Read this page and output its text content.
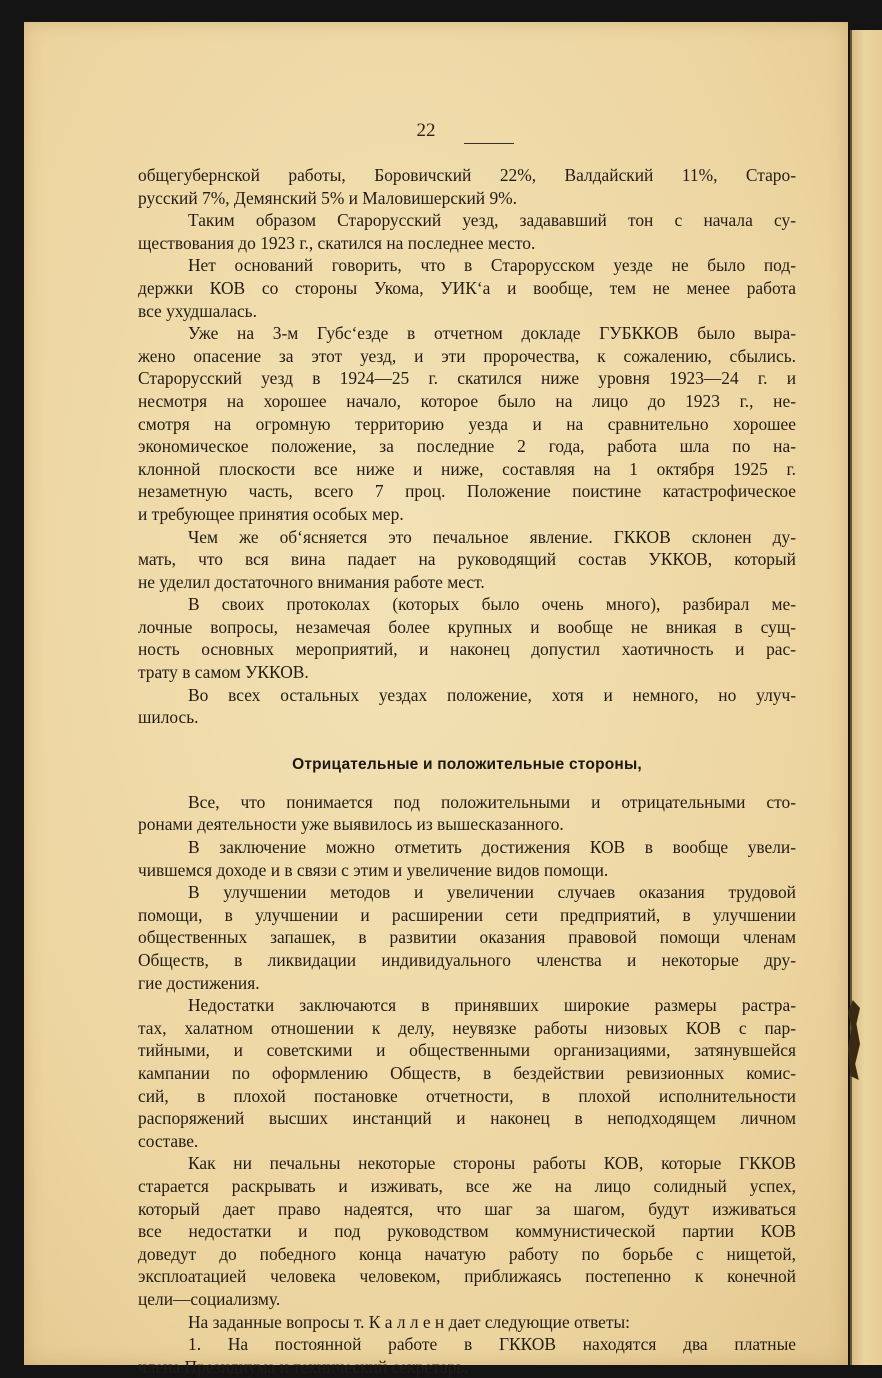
22
общегубернской работы, Боровичский 22%, Валдайский 11%, Старо-
русский 7%, Демянский 5% и Маловишерский 9%.
Таким образом Старорусский уезд, задававший тон с начала су-
ществования до 1923 г., скатился на последнее место.
Нет оснований говорить, что в Старорусском уезде не было под-
держки КОВ со стороны Укома, УИК‘а и вообще, тем не менее работа
все ухудшалась.
Уже на 3-м Губс‘езде в отчетном докладе ГУБККОВ было выра-
жено опасение за этот уезд, и эти пророчества, к сожалению, сбылись.
Старорусский уезд в 1924—25 г. скатился ниже уровня 1923—24 г. и
несмотря на хорошее начало, которое было на лицо до 1923 г., не-
смотря на огромную территорию уезда и на сравнительно хорошее
экономическое положение, за последние 2 года, работа шла по на-
клонной плоскости все ниже и ниже, составляя на 1 октября 1925 г.
незаметную часть, всего 7 проц. Положение поистине катастрофическое
и требующее принятия особых мер.
Чем же об‘ясняется это печальное явление. ГККОВ склонен ду-
мать, что вся вина падает на руководящий состав УККОВ, который
не уделил достаточного внимания работе мест.
В своих протоколах (которых было очень много), разбирал ме-
лочные вопросы, незамечая более крупных и вообще не вникая в сущ-
ность основных мероприятий, и наконец допустил хаотичность и рас-
трату в самом УККОВ.
Во всех остальных уездах положение, хотя и немного, но улуч-
шилось.
Отрицательные и положительные стороны,
Все, что понимается под положительными и отрицательными сто-
ронами деятельности уже выявилось из вышесказанного.
В заключение можно отметить достижения КОВ в вообще увели-
чившемся доходе и в связи с этим и увеличение видов помощи.
В улучшении методов и увеличении случаев оказания трудовой
помощи, в улучшении и расширении сети предприятий, в улучшении
общественных запашек, в развитии оказания правовой помощи членам
Обществ, в ликвидации индивидуального членства и некоторые дру-
гие достижения.
Недостатки заключаются в принявших широкие размеры растра-
тах, халатном отношении к делу, неувязке работы низовых КОВ с пар-
тийными, и советскими и общественными организациями, затянувшейся
кампании по оформлению Обществ, в бездействии ревизионных комис-
сий, в плохой постановке отчетности, в плохой исполнительности
распоряжений высших инстанций и наконец в неподходящем личном
составе.
Как ни печальны некоторые стороны работы КОВ, которые ГККОВ
старается раскрывать и изживать, все же на лицо солидный успех,
который дает право надеятся, что шаг за шагом, будут изживаться
все недостатки и под руководством коммунистической партии КОВ
доведут до победного конца начатую работу по борьбе с нищетой,
эксплоатацией человека человеком, приближаясь постепенно к конечной
цели—социализму.
На заданные вопросы т. К а л л е н дает следующие ответы:
1. На постоянной работе в ГККОВ находятся два платные
члена Президиума и технический секретарь.
